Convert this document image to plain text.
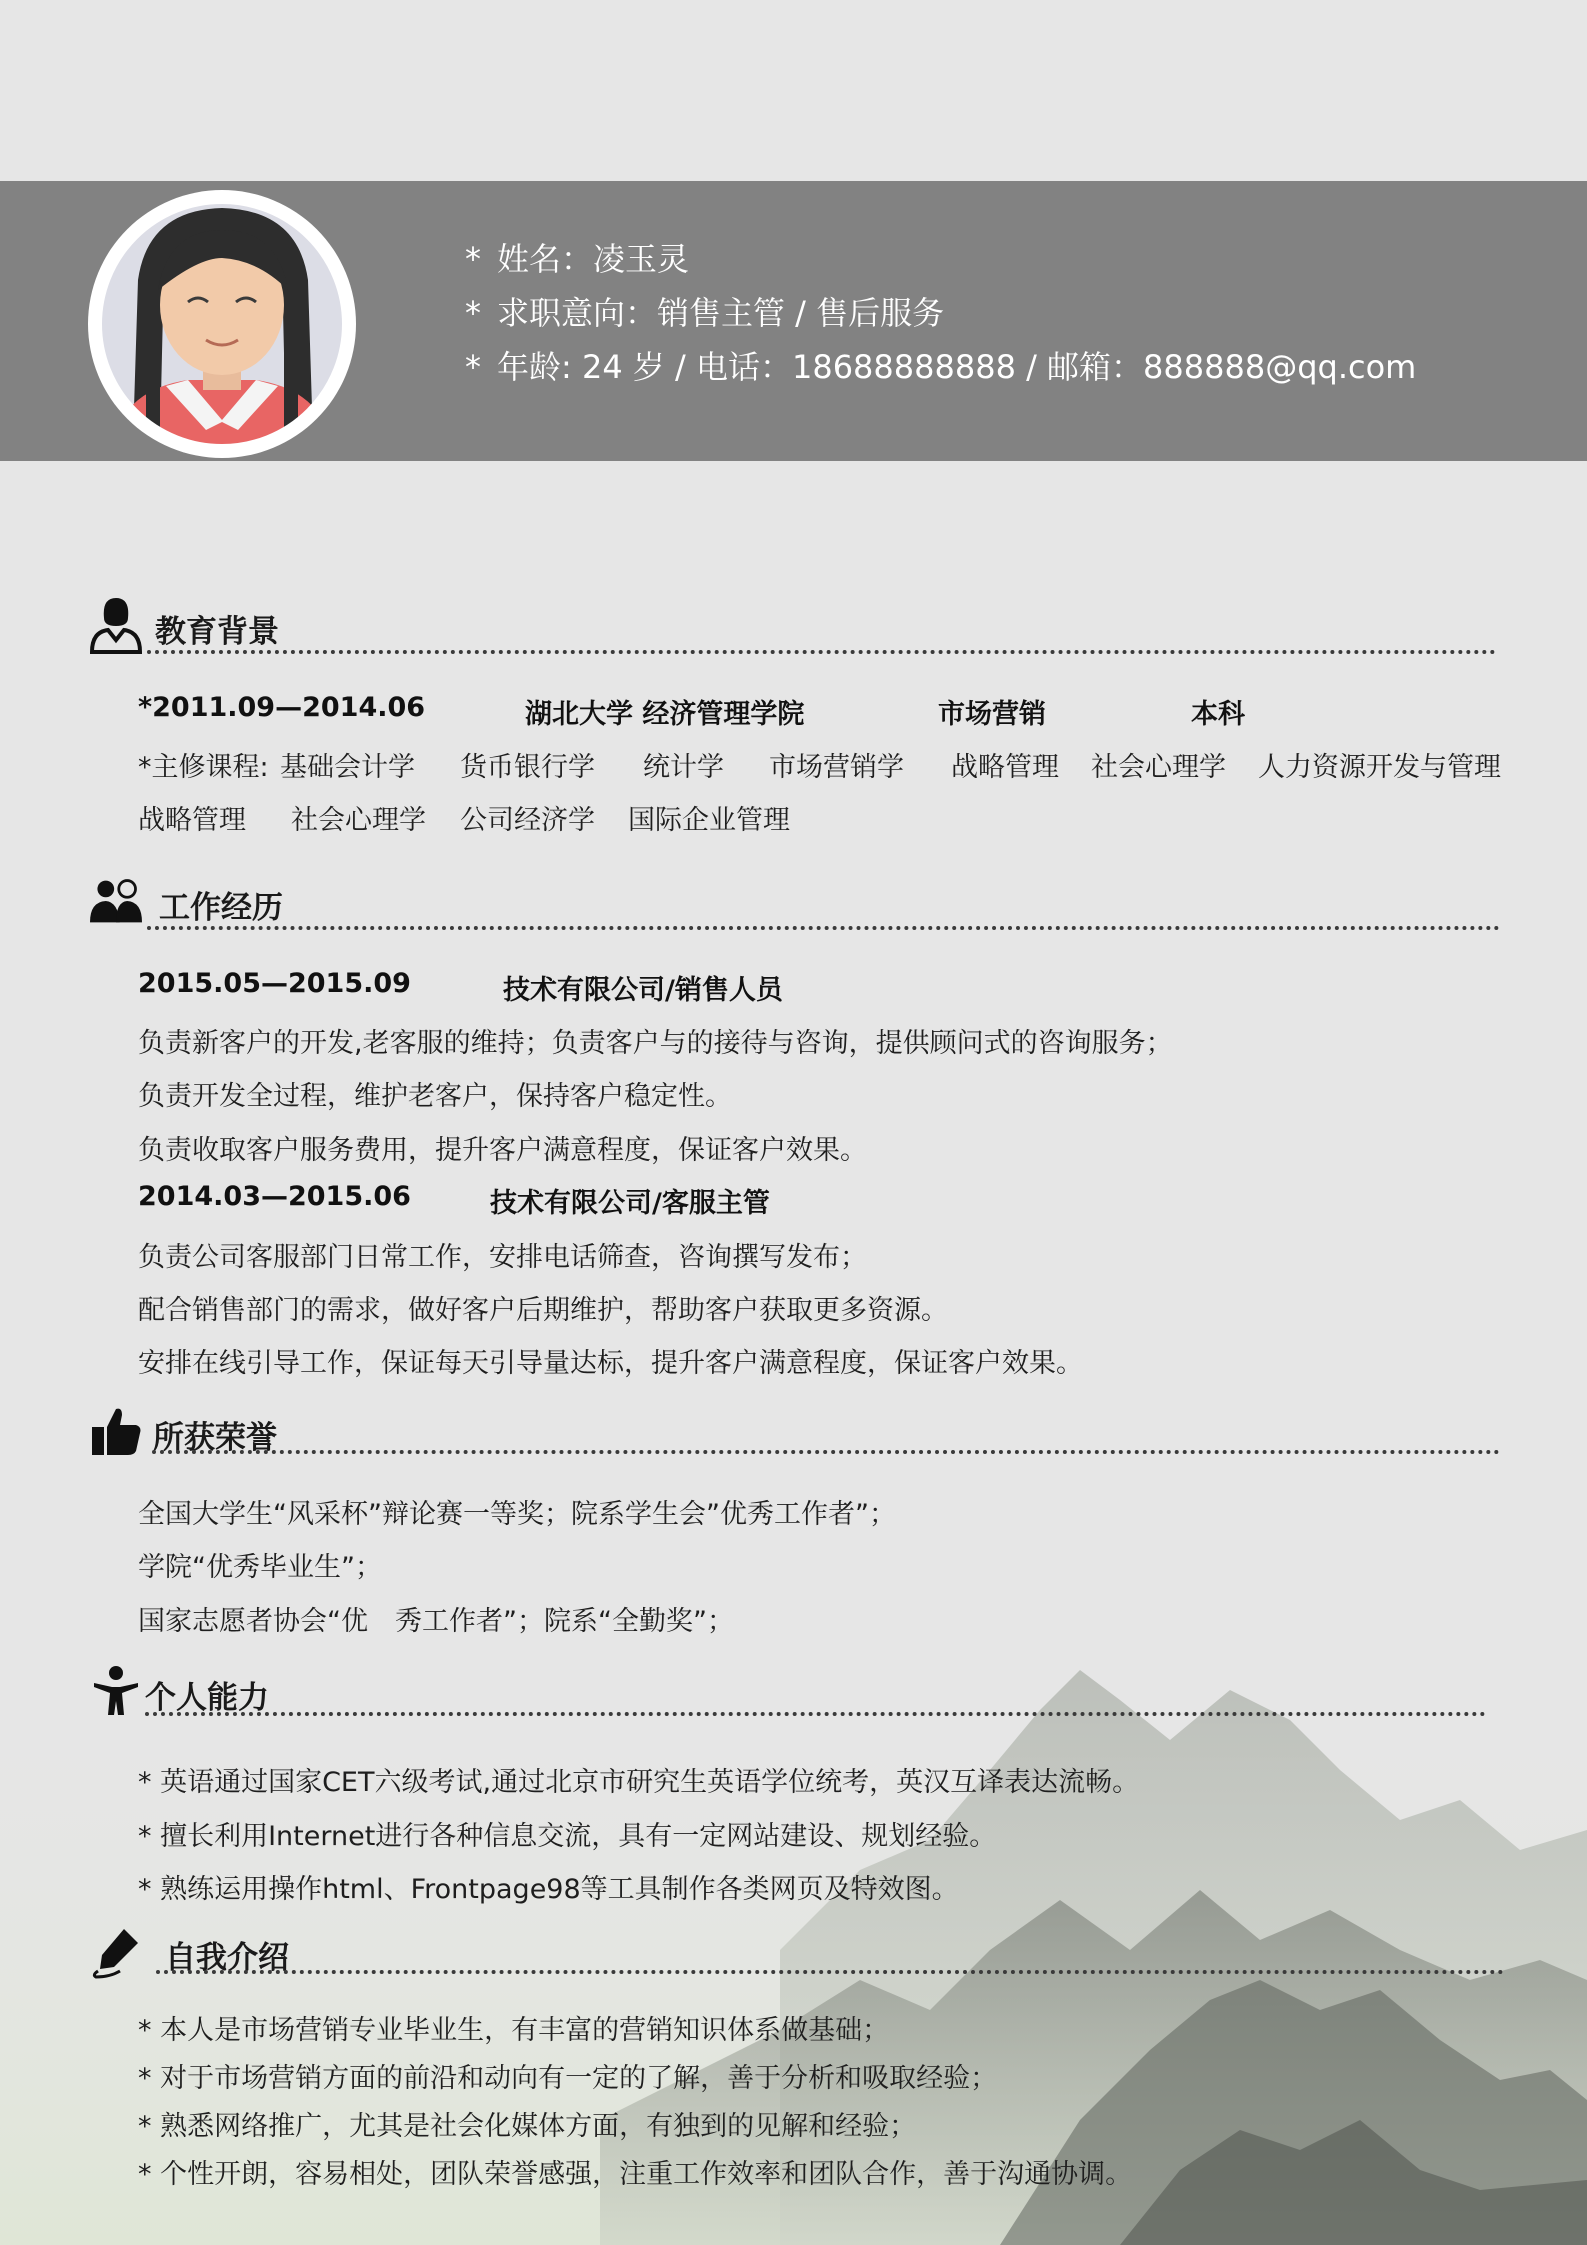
* 姓名：凌玉灵
* 求职意向：销售主管 / 售后服务
* 年龄: 24 岁 / 电话：18688888888 / 邮箱：888888@qq.com
教育背景
*2011.09—2014.06	湖北大学 经济管理学院	市场营销	本科
*主修课程: 基础会计学 货币银行学 统计学 市场营销学 战略管理 社会心理学 人力资源开发与管理
战略管理 社会心理学 公司经济学 国际企业管理
工作经历
2015.05—2015.09	技术有限公司/销售人员
负责新客户的开发,老客服的维持；负责客户与的接待与咨询，提供顾问式的咨询服务；
负责开发全过程，维护老客户，保持客户稳定性。
负责收取客户服务费用，提升客户满意程度，保证客户效果。
2014.03—2015.06	技术有限公司/客服主管
负责公司客服部门日常工作，安排电话筛查，咨询撰写发布；
配合销售部门的需求，做好客户后期维护，帮助客户获取更多资源。
安排在线引导工作，保证每天引导量达标，提升客户满意程度，保证客户效果。
所获荣誉
全国大学生“风采杯”辩论赛一等奖；院系学生会”优秀工作者”；
学院“优秀毕业生”；
国家志愿者协会“优　秀工作者”；院系“全勤奖”；
个人能力
* 英语通过国家CET六级考试,通过北京市研究生英语学位统考，英汉互译表达流畅。
* 擅长利用Internet进行各种信息交流，具有一定网站建设、规划经验。
* 熟练运用操作html、Frontpage98等工具制作各类网页及特效图。
自我介绍
* 本人是市场营销专业毕业生，有丰富的营销知识体系做基础；
* 对于市场营销方面的前沿和动向有一定的了解，善于分析和吸取经验；
* 熟悉网络推广，尤其是社会化媒体方面，有独到的见解和经验；
* 个性开朗，容易相处，团队荣誉感强，注重工作效率和团队合作，善于沟通协调。
